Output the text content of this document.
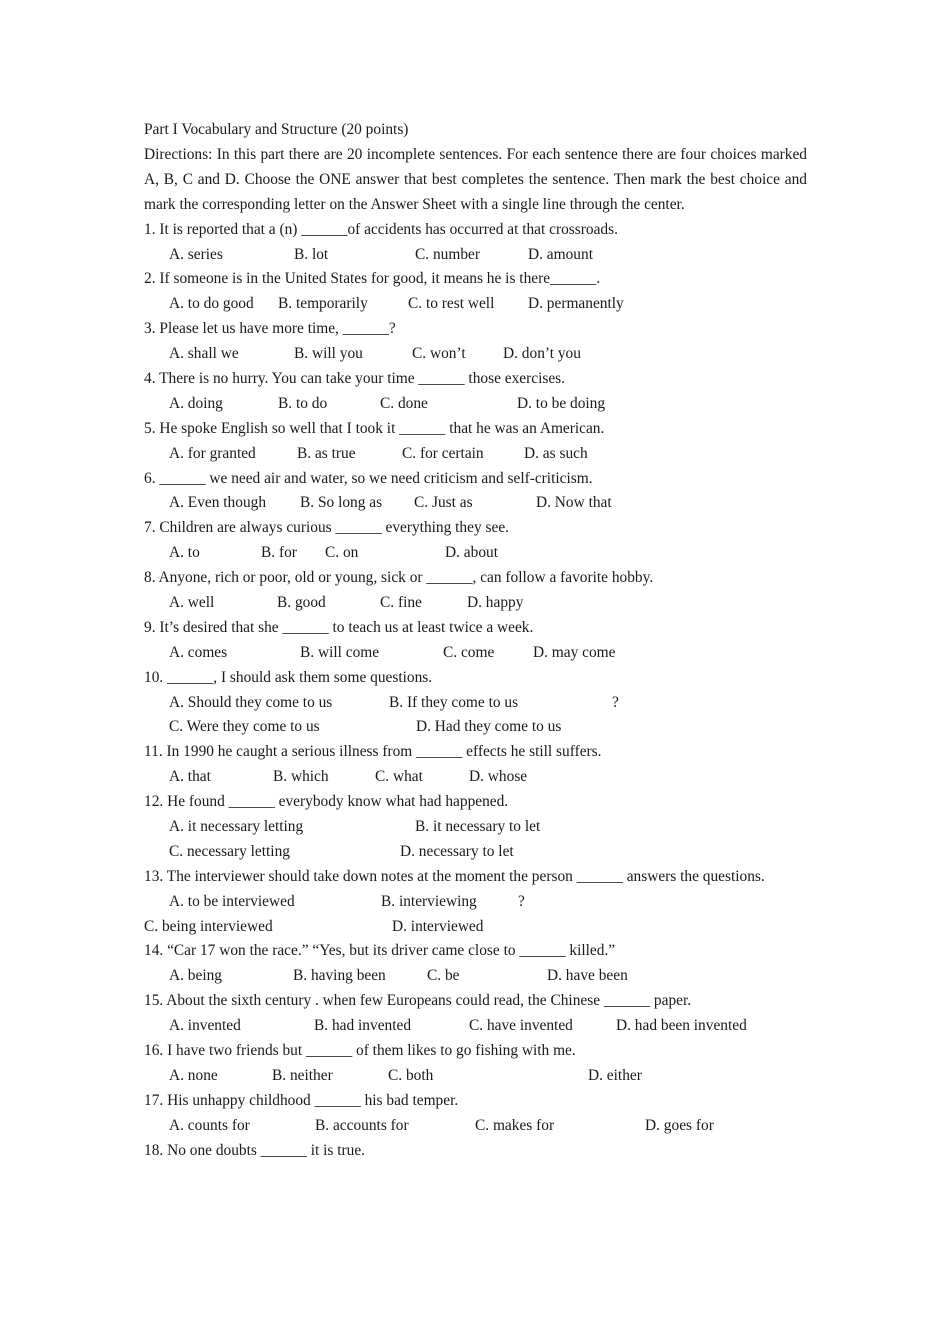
Part I Vocabulary and Structure (20 points)
Directions: In this part there are 20 incomplete sentences. For each sentence there are four choices marked A, B, C and D. Choose the ONE answer that best completes the sentence. Then mark the best choice and mark the corresponding letter on the Answer Sheet with a single line through the center.
1. It is reported that a (n) ______of accidents has occurred at that crossroads.
A. series	B. lot	C. number	D. amount
2. If someone is in the United States for good, it means he is there______.
A. to do good B. temporarily	C. to rest well D. permanently
3. Please let us have more time, ______?
A. shall we	B. will you	C. won’t D. don’t you
4. There is no hurry. You can take your time ______ those exercises.
A. doing	B. to do	C. done	D. to be doing
5. He spoke English so well that I took it ______ that he was an American.
A. for granted	B. as true	C. for certain	D. as such
6. ______ we need air and water, so we need criticism and self-criticism.
A. Even though B. So long as C. Just as	D. Now that
7. Children are always curious ______ everything they see.
A. to	B. for C. on	D. about
8. Anyone, rich or poor, old or young, sick or ______, can follow a favorite hobby.
A. well	B. good	C. fine	D. happy
9. It’s desired that she ______ to teach us at least twice a week.
A. comes	B. will come	C. come	D. may come
10. ______, I should ask them some questions.
A. Should they come to us	B. If they come to us	?
C. Were they come to us	D. Had they come to us
11. In 1990 he caught a serious illness from ______ effects he still suffers.
A. that	B. which	C. what	D. whose
12. He found ______ everybody know what had happened.
A. it necessary letting	B. it necessary to let
C. necessary letting	D. necessary to let
13. The interviewer should take down notes at the moment the person ______ answers the questions.
A. to be interviewed	B. interviewing	?
C. being interviewed	D. interviewed
14. “Car 17 won the race.” “Yes, but its driver came close to ______ killed.”
A. being	B. having been	C. be	D. have been
15. About the sixth century . when few Europeans could read, the Chinese ______ paper.
A. invented	B. had invented	C. have invented	D. had been invented
16. I have two friends but ______ of them likes to go fishing with me.
A. none	B. neither	C. both	D. either
17. His unhappy childhood ______ his bad temper.
A. counts for	B. accounts for	C. makes for	D. goes for
18. No one doubts ______ it is true.
